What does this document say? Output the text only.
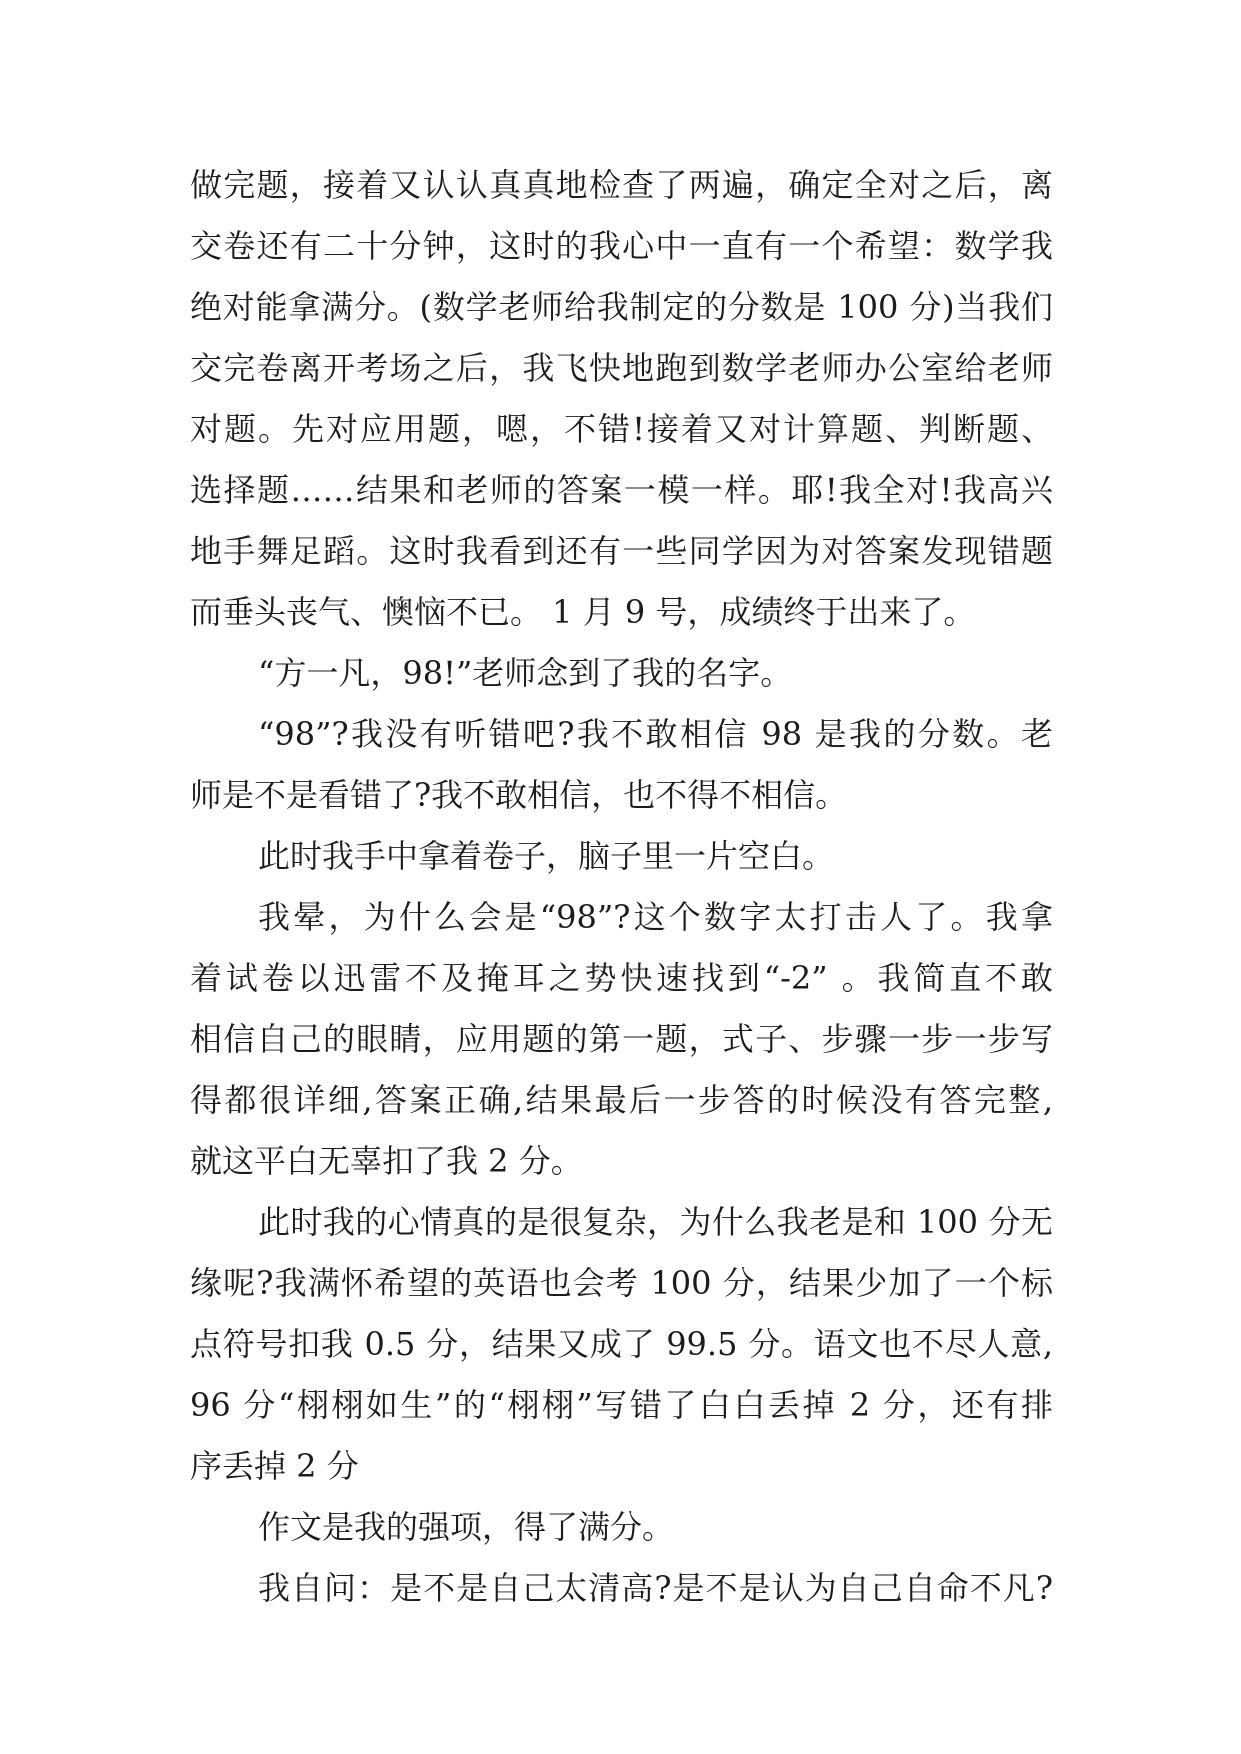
做完题，接着又认认真真地检查了两遍，确定全对之后，离
交卷还有二十分钟，这时的我心中一直有一个希望：数学我
绝对能拿满分。(数学老师给我制定的分数是 100 分)当我们
交完卷离开考场之后，我飞快地跑到数学老师办公室给老师
对题。先对应用题，嗯，不错!接着又对计算题、判断题、
选择题……结果和老师的答案一模一样。耶!我全对!我高兴
地手舞足蹈。这时我看到还有一些同学因为对答案发现错题
而垂头丧气、懊恼不已。 1 月 9 号，成绩终于出来了。
“方一凡，98!”老师念到了我的名字。
“98”?我没有听错吧?我不敢相信 98 是我的分数。老
师是不是看错了?我不敢相信，也不得不相信。
此时我手中拿着卷子，脑子里一片空白。
我晕，为什么会是“98”?这个数字太打击人了。我拿
着试卷以迅雷不及掩耳之势快速找到“-2” 。我简直不敢
相信自己的眼睛，应用题的第一题，式子、步骤一步一步写
得都很详细,答案正确,结果最后一步答的时候没有答完整,
就这平白无辜扣了我 2 分。
此时我的心情真的是很复杂，为什么我老是和 100 分无
缘呢?我满怀希望的英语也会考 100 分，结果少加了一个标
点符号扣我 0.5 分，结果又成了 99.5 分。语文也不尽人意,
96 分“栩栩如生”的“栩栩”写错了白白丢掉 2 分，还有排
序丢掉 2 分
作文是我的强项，得了满分。
我自问：是不是自己太清高?是不是认为自己自命不凡?
